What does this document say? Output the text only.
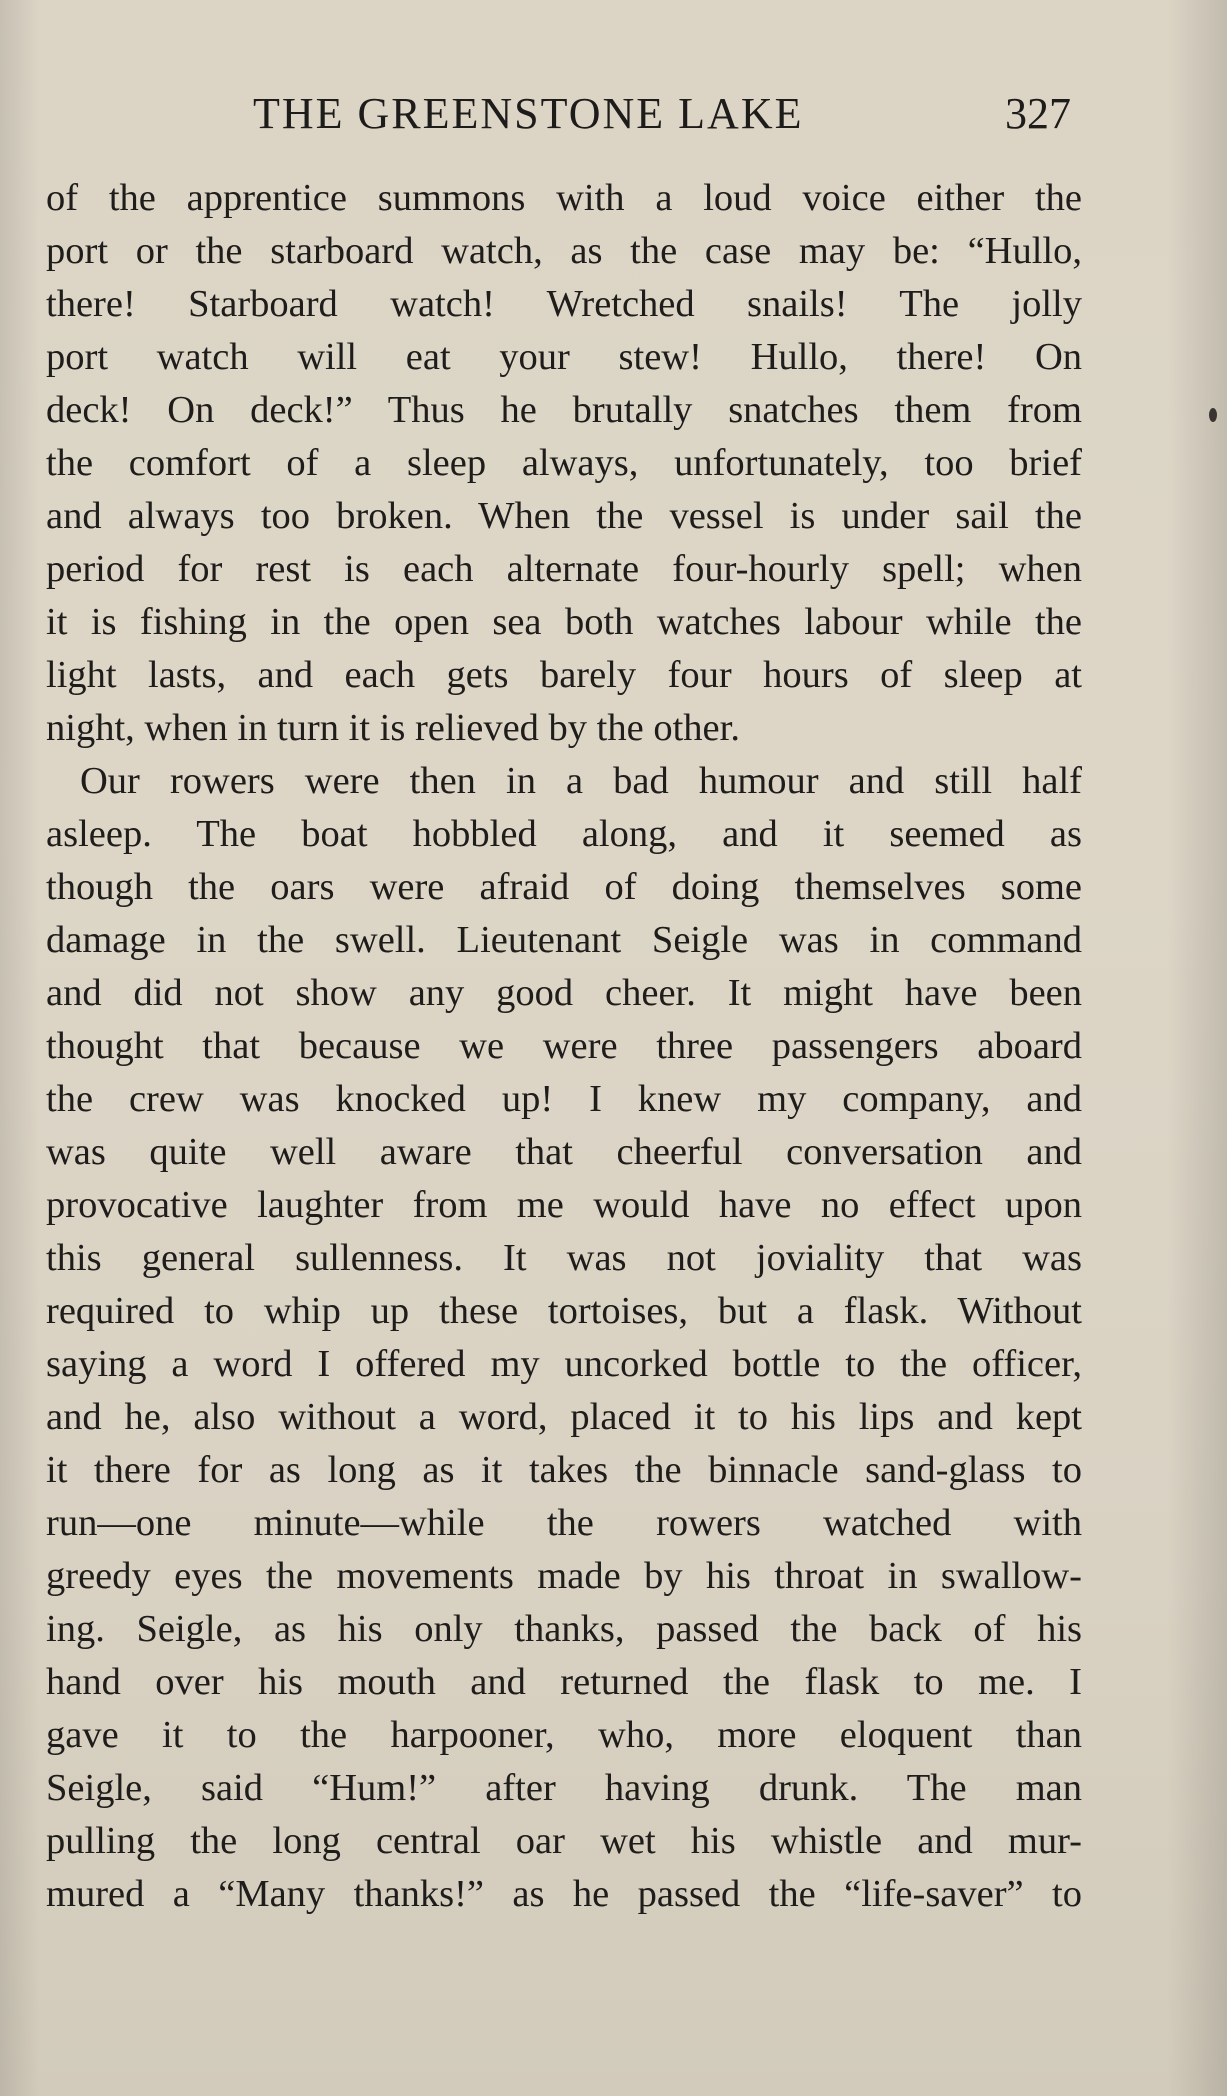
THE GREENSTONE LAKE	327
of the apprentice summons with a loud voice either the
port or the starboard watch, as the case may be: “Hullo,
there! Starboard watch! Wretched snails! The jolly
port watch will eat your stew! Hullo, there! On
deck! On deck!” Thus he brutally snatches them from
the comfort of a sleep always, unfortunately, too brief
and always too broken. When the vessel is under sail the
period for rest is each alternate four-hourly spell; when
it is fishing in the open sea both watches labour while the
light lasts, and each gets barely four hours of sleep at
night, when in turn it is relieved by the other.
Our rowers were then in a bad humour and still half
asleep. The boat hobbled along, and it seemed as
though the oars were afraid of doing themselves some
damage in the swell. Lieutenant Seigle was in command
and did not show any good cheer. It might have been
thought that because we were three passengers aboard
the crew was knocked up! I knew my company, and
was quite well aware that cheerful conversation and
provocative laughter from me would have no effect upon
this general sullenness. It was not joviality that was
required to whip up these tortoises, but a flask. Without
saying a word I offered my uncorked bottle to the officer,
and he, also without a word, placed it to his lips and kept
it there for as long as it takes the binnacle sand-glass to
run—one minute—while the rowers watched with
greedy eyes the movements made by his throat in swallow-
ing. Seigle, as his only thanks, passed the back of his
hand over his mouth and returned the flask to me. I
gave it to the harpooner, who, more eloquent than
Seigle, said “Hum!” after having drunk. The man
pulling the long central oar wet his whistle and mur-
mured a “Many thanks!” as he passed the “life-saver” to
